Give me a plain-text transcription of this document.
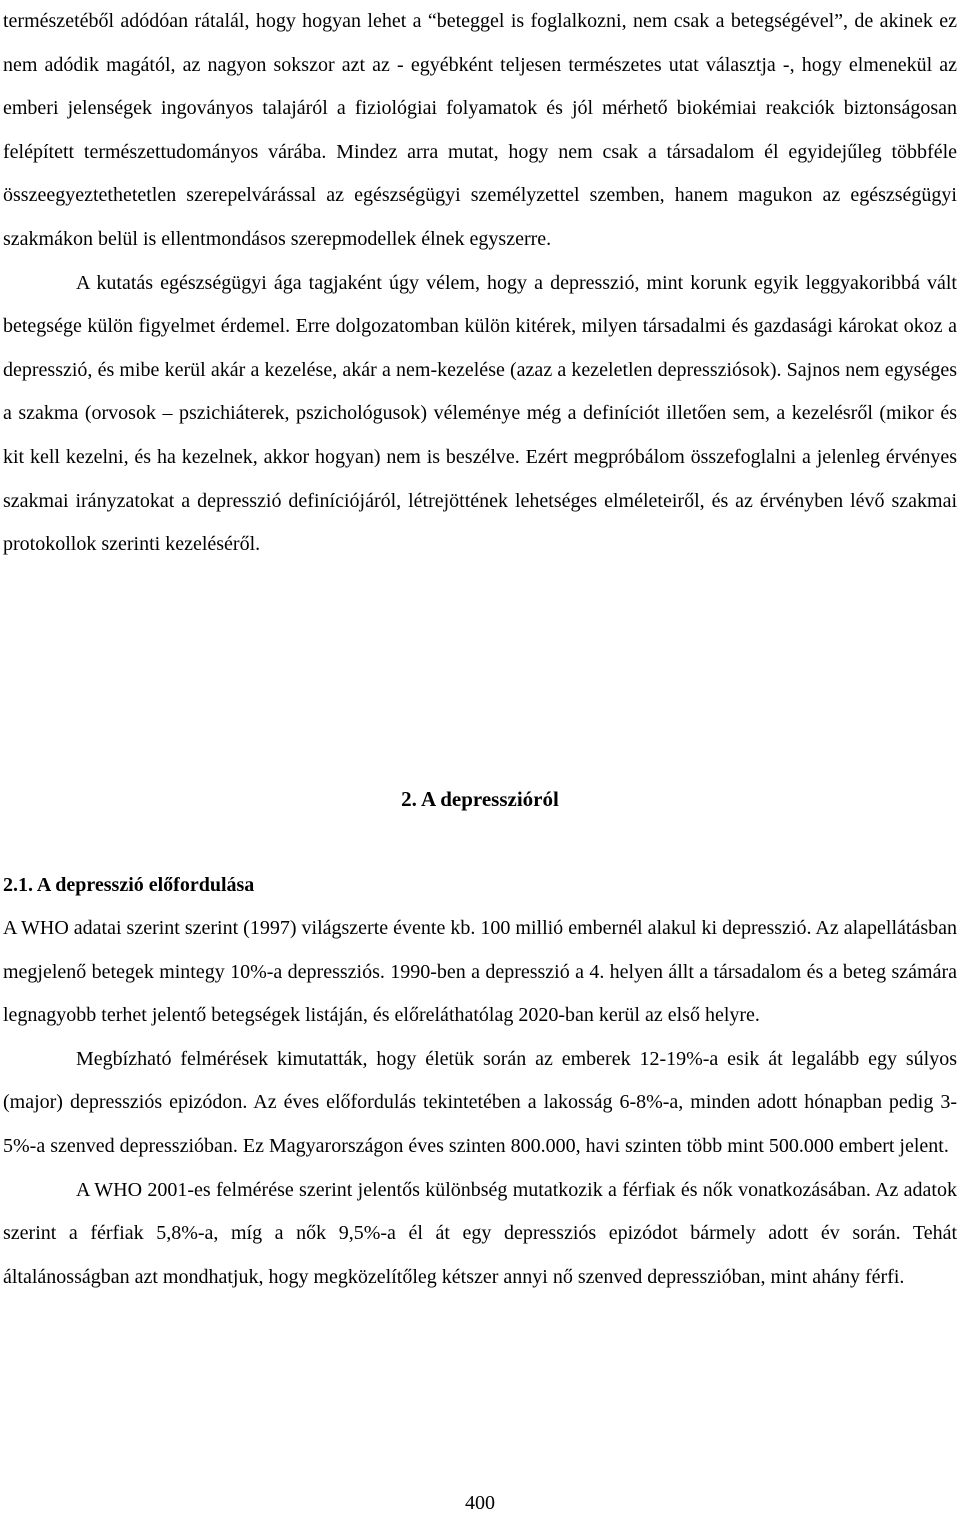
természetéből adódóan rátalál, hogy hogyan lehet a “beteggel is foglalkozni, nem csak a betegségével”, de akinek ez nem adódik magától, az nagyon sokszor azt az - egyébként teljesen természetes utat választja -, hogy elmenekül az emberi jelenségek ingoványos talajáról a fiziológiai folyamatok és jól mérhető biokémiai reakciók biztonságosan felépített természettudományos várába. Mindez arra mutat, hogy nem csak a társadalom él egyidejűleg többféle összeegyeztethetetlen szerepelvárással az egészségügyi személyzettel szemben, hanem magukon az egészségügyi szakmákon belül is ellentmondásos szerepmodellek élnek egyszerre.

A kutatás egészségügyi ága tagjaként úgy vélem, hogy a depresszió, mint korunk egyik leggyakoribbá vált betegsége külön figyelmet érdemel. Erre dolgozatomban külön kitérek, milyen társadalmi és gazdasági károkat okoz a depresszió, és mibe kerül akár a kezelése, akár a nem-kezelése (azaz a kezeletlen depressziósok). Sajnos nem egységes a szakma (orvosok – pszichiáterek, pszichológusok) véleménye még a definíciót illetően sem, a kezelésről (mikor és kit kell kezelni, és ha kezelnek, akkor hogyan) nem is beszélve. Ezért megpróbálom összefoglalni a jelenleg érvényes szakmai irányzatokat a depresszió definíciójáról, létrejöttének lehetséges elméleteiről, és az érvényben lévő szakmai protokollok szerinti kezeléséről.

2. A depresszióról
2.1. A depresszió előfordulása

A WHO adatai szerint szerint (1997) világszerte évente kb. 100 millió embernél alakul ki depresszió. Az alapellátásban megjelenő betegek mintegy 10%-a depressziós. 1990-ben a depresszió a 4. helyen állt a társadalom és a beteg számára legnagyobb terhet jelentő betegségek listáján, és előreláthatólag 2020-ban kerül az első helyre.

Megbízható felmérések kimutatták, hogy életük során az emberek 12-19%-a esik át legalább egy súlyos (major) depressziós epizódon. Az éves előfordulás tekintetében a lakosság 6-8%-a, minden adott hónapban pedig 3-5%-a szenved depresszióban. Ez Magyarországon éves szinten 800.000, havi szinten több mint 500.000 embert jelent.

A WHO 2001-es felmérése szerint jelentős különbség mutatkozik a férfiak és nők vonatkozásában. Az adatok szerint a férfiak 5,8%-a, míg a nők 9,5%-a él át egy depressziós epizódot bármely adott év során. Tehát általánosságban azt mondhatjuk, hogy megközelítőleg kétszer annyi nő szenved depresszióban, mint ahány férfi.

400
